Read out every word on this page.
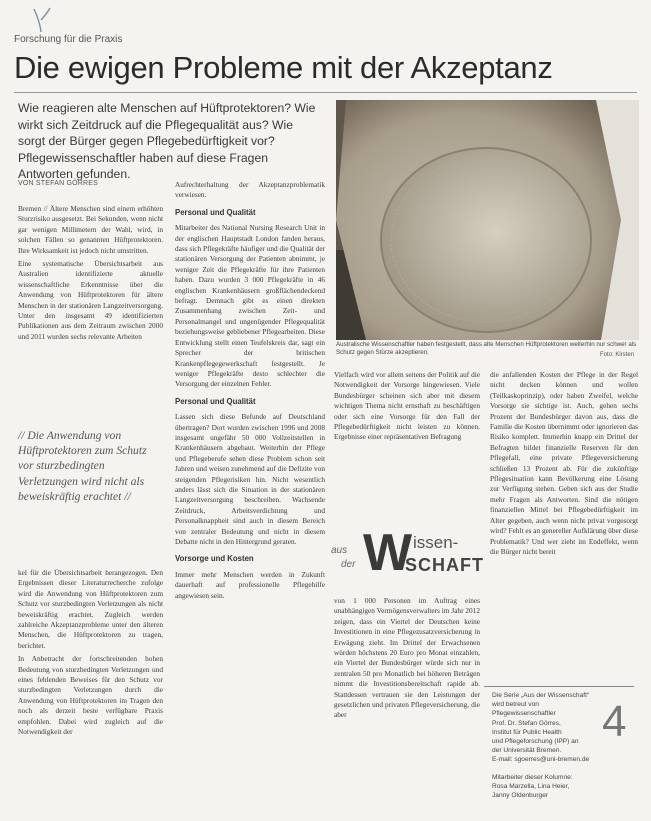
Forschung für die Praxis
Die ewigen Probleme mit der Akzeptanz
Wie reagieren alte Menschen auf Hüftprotektoren? Wie wirkt sich Zeitdruck auf die Pflegequalität aus? Wie sorgt der Bürger gegen Pflegebedürftigkeit vor? Pflegewissenschaftler haben auf diese Fragen Antworten gefunden.
VON STEFAN GÖRRES

Bremen // Ältere Menschen sind einem erhöhten Sturzrisiko ausgesetzt. Bei Sekunden, wenn nicht gar wenigen Millimetern der Wahl, wird, in solchen Fällen so genannten Hüftprotektoren. Ihre Wirksamkeit ist jedoch nicht umstritten.

Eine systematische Übersichtsarbeit aus Australien identifizierte aktuelle wissenschaftliche Erkenntnisse über die Anwendung von Hüftprotektoren für ältere Menschen in der stationären Langzeitversorgung. Unter den insgesamt 49 identifizierten Publikationen aus dem Zeitraum zwischen 2000 und 2011 wurden sechs relevante Arbeiten

// Die Anwendung von Hüftprotektoren zum Schutz vor sturzbedingten Verletzungen wird nicht als beweiskräftig erachtet //

kel für die Übersichtsarbeit herangezogen. Den Ergebnissen dieser Literaturrecherche zufolge wird die Anwendung von Hüftprotektoren zum Schutz vor sturzbedingten Verletzungen als nicht beweiskräftig erachtet. Zugleich werden zahlreiche Akzeptanzprobleme unter den älteren Menschen, die Hüftprotektoren zu tragen, berichtet.

In Anbetracht der fortschreitenden hohen Bedeutung von sturzbedingten Verletzungen und eines fehlenden Beweises für den Schutz vor sturzbedingten Verletzungen durch die Anwendung von Hüftprotektoren im Tragen den noch als derzeit beste verfügbare Praxis empfohlen. Dabei wird zugleich auf die Notwendigkeit der

Aufrechterhaltung der Akzeptanzproblematik verwiesen.

Personal und Qualität

Mitarbeiter des National Nursing Research Unit in der englischen Hauptstadt London fanden heraus, dass sich Pflegekräfte häufiger und die Qualität der stationären Versorgung der Patienten abnimmt, je weniger Zeit die Pflegekräfte für ihre Patienten haben. Dazu wurden 3 000 Pflegekräfte in 46 englischen Krankenhäusern großflächendeckend befragt. Demnach gibt es einen direkten Zusammenhang zwischen Zeit- und Personalmangel und ungenügender Pflegequalität beziehungsweise gebliebener Pflegearbeiten. Diese Entwicklung stellt einen Teufelskreis dar, sagt ein Sprecher der britischen Krankenpflegegewerkschaft festgestellt. Je weniger Pflegekräfte desto schlechter die Versorgung der einzelnen Fehler.

Personal und Qualität

Lassen sich diese Befunde auf Deutschland übertragen? Dort wurden zwischen 1996 und 2008 insgesamt ungefähr 50 000 Vollzeitstellen in Krankenhäusern abgebaut. Weiterhin der Pflege und Pflegeberufe sehen diese Problem schon seit Jahren und weisen zunehmend auf die Defizite von steigenden Pflegerisiken hin. Nicht wesentlich anders lässt sich die Situation in der stationären Langzeitversorgung beschreiben. Wachsende Zeitdruck, Arbeitsverdichtung und Personalknappheit sind auch in diesem Bereich von zentraler Bedeutung und nicht in diesem Debatte nicht in den Hintergrund geraten.

Vorsorge und Kosten

Immer mehr Menschen werden in Zukunft dauerhaft auf professionelle Pflegehilfe angewiesen sein.

Australische Wissenschaftler haben festgestellt, dass alte Menschen Hüftprotektoren weiterhin nur schwer als Schutz gegen Stürze akzeptieren.	Foto: Kirsten
Vielfach wird vor allem seitens der Politik auf die Notwendigkeit der Vorsorge hingewiesen. Viele Bundesbürger scheinen sich aber mit diesem wichtigen Thema nicht ernsthaft zu beschäftigen oder sich eine Vorsorge für den Fall der Pflegebedürftigkeit nicht leisten zu können. Ergebnisse einer repräsentativen Befragung
aus
der W issen-
SCHAFT
von 1 000 Personen im Auftrag eines unabhängigen Vermögensverwalters im Jahr 2012 zeigen, dass ein Viertel der Deutschen keine Investitionen in eine Pflegezusatzversicherung in Erwägung zieht. Im Drittel der Erwachsenen würden höchstens 20 Euro pro Monat einzahlen, ein Viertel der Bundesbürger würde sich nur in zentralen 50 pro Monatlich bei höheren Beträgen nimmt die Investitionsbereitschaft rapide ab. Stattdessen vertrauen sie den Leistungen der gesetzlichen und privaten Pflegeversicherung, die aber
die anfallenden Kosten der Pflege in der Regel nicht decken können und wollen (Teilkaskoprinzip), oder haben Zweifel, welche Vorsorge sie sichtige ist. Auch, gehen sechs Prozent der Bundesbürger davon aus, dass die Familie die Kosten übernimmt oder ignorieren das Risiko komplett. Immerhin knapp ein Drittel der Befragten bildet finanzielle Reserven für den Pflegefall, eine private Pflegeversicherung schließen 13 Prozent ab. Für die zukünftige Pflegesituation kann Bevölkerung eine Lösung zur Verfügung stehen. Geben sich aus der Studie mehr Fragen als Antworten. Sind die nötigen finanziellen Mittel bei Pflegebedürftigkeit im Alter gegeben, auch wenn nicht privat vorgesorgt wird? Fehlt es an genereller Aufklärung über diese Problematik? Und wer zieht im Endeffekt, wenn die Bürger nicht bereit
Die Serie „Aus der Wissenschaft“
wird betreut von
Pflegewissenschaftler
Prof. Dr. Stefan Görres,
Institut für Public Health
und Pflegeforschung (IPP) an
der Universität Bremen.
E-mail: sgoerres@uni-bremen.de
Mitarbeiter dieser Kolumne:
Rosa Marzella, Lina Heier,
Janny Oldenburger
4
